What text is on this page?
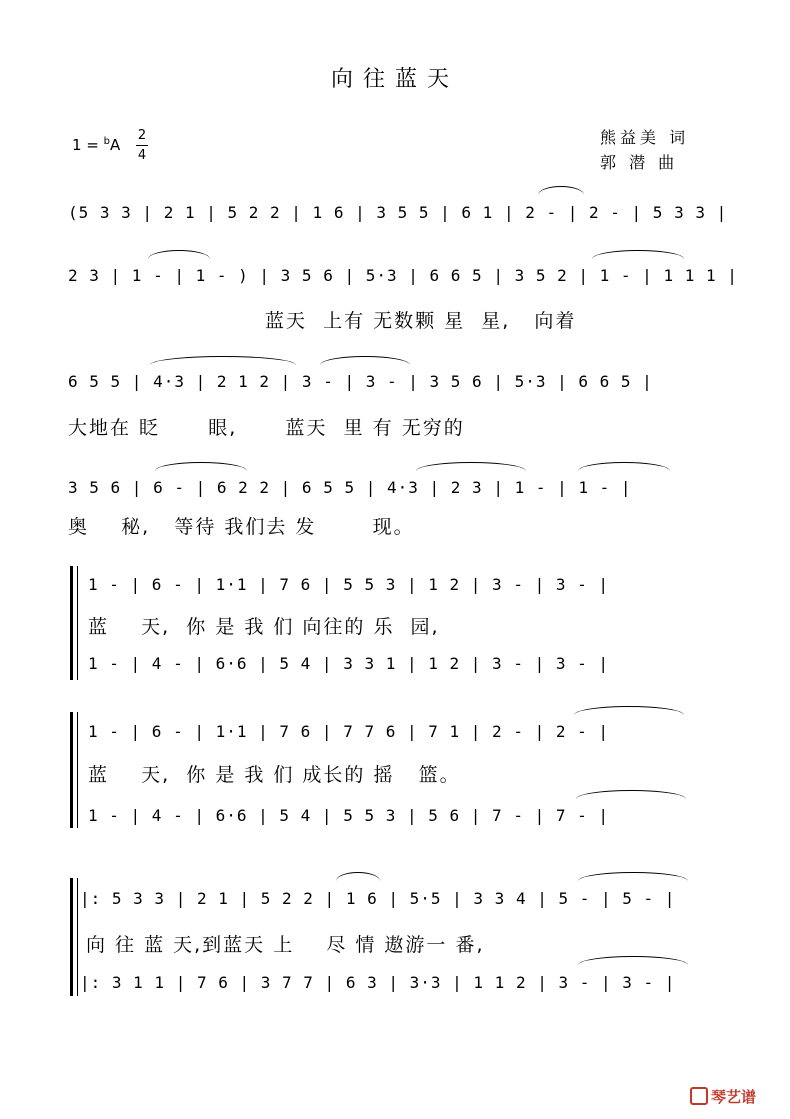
向往蓝天
1 = $^b$A
2
4
熊益美 词
郭 潜 曲
(5 3 3 | 2 1 | 5 2 2 | 1 6 | 3 5 5 | 6 1 | 2 - | 2 - | 5 3 3 |
2 3 | 1 - | 1 - ) | 3 5 6 | 5·3 | 6 6 5 | 3 5 2 | 1 - | 1 1 1 |
蓝天  上有 无数颗 星  星,   向着
6 5 5 | 4·3 | 2 1 2 | 3 - | 3 - | 3 5 6 | 5·3 | 6 6 5 |
大地在 眨      眼,      蓝天  里 有 无穷的
3 5 6 | 6 - | 6 2 2 | 6 5 5 | 4·3 | 2 3 | 1 - | 1 - |
奥    秘,   等待 我们去 发       现。
1 - | 6 - | 1·1 | 7 6 | 5 5 3 | 1 2 | 3 - | 3 - |
蓝    天,  你 是 我 们 向往的 乐  园,
1 - | 4 - | 6·6 | 5 4 | 3 3 1 | 1 2 | 3 - | 3 - |
1 - | 6 - | 1·1 | 7 6 | 7 7 6 | 7 1 | 2 - | 2 - |
蓝    天,  你 是 我 们 成长的 摇   篮。
1 - | 4 - | 6·6 | 5 4 | 5 5 3 | 5 6 | 7 - | 7 - |
|: 5 3 3 | 2 1 | 5 2 2 | 1 6 | 5·5 | 3 3 4 | 5 - | 5 - |
向 往 蓝 天,到蓝天 上    尽 情 遨游一 番,
|: 3 1 1 | 7 6 | 3 7 7 | 6 3 | 3·3 | 1 1 2 | 3 - | 3 - |
琴艺谱
